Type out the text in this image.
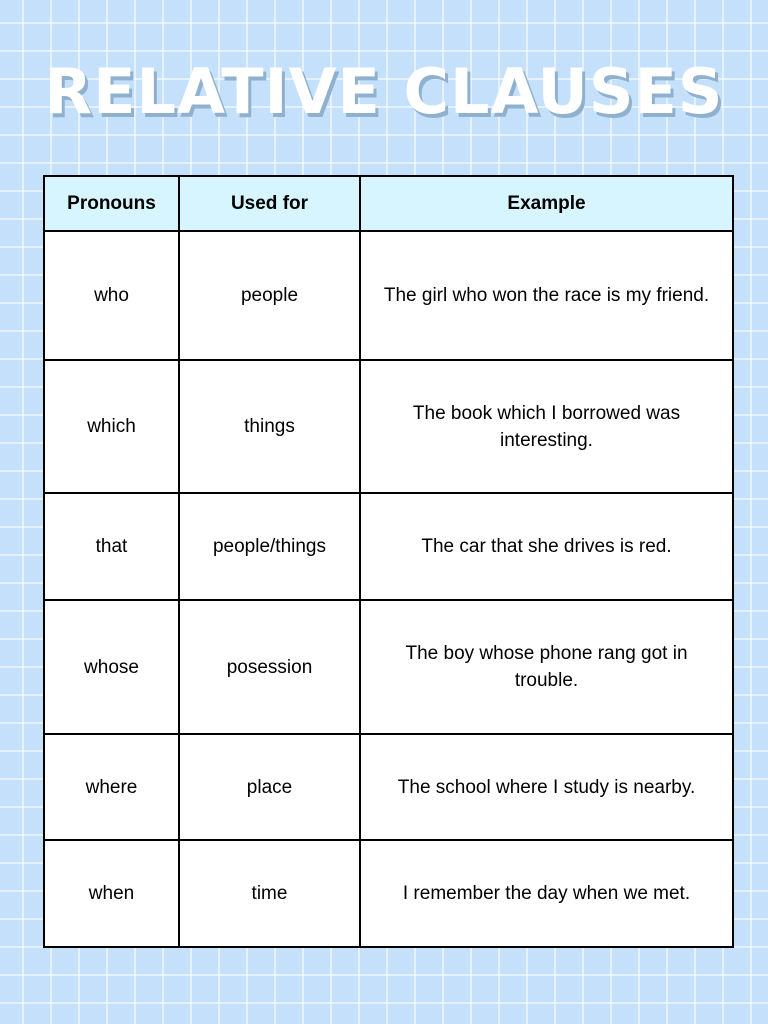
RELATIVE CLAUSES
Pronouns	Used for	Example
who	people	The girl who won the race is my friend.
which	things	The book which I borrowed was interesting.
that	people/things	The car that she drives is red.
whose	posession	The boy whose phone rang got in trouble.
where	place	The school where I study is nearby.
when	time	I remember the day when we met.
